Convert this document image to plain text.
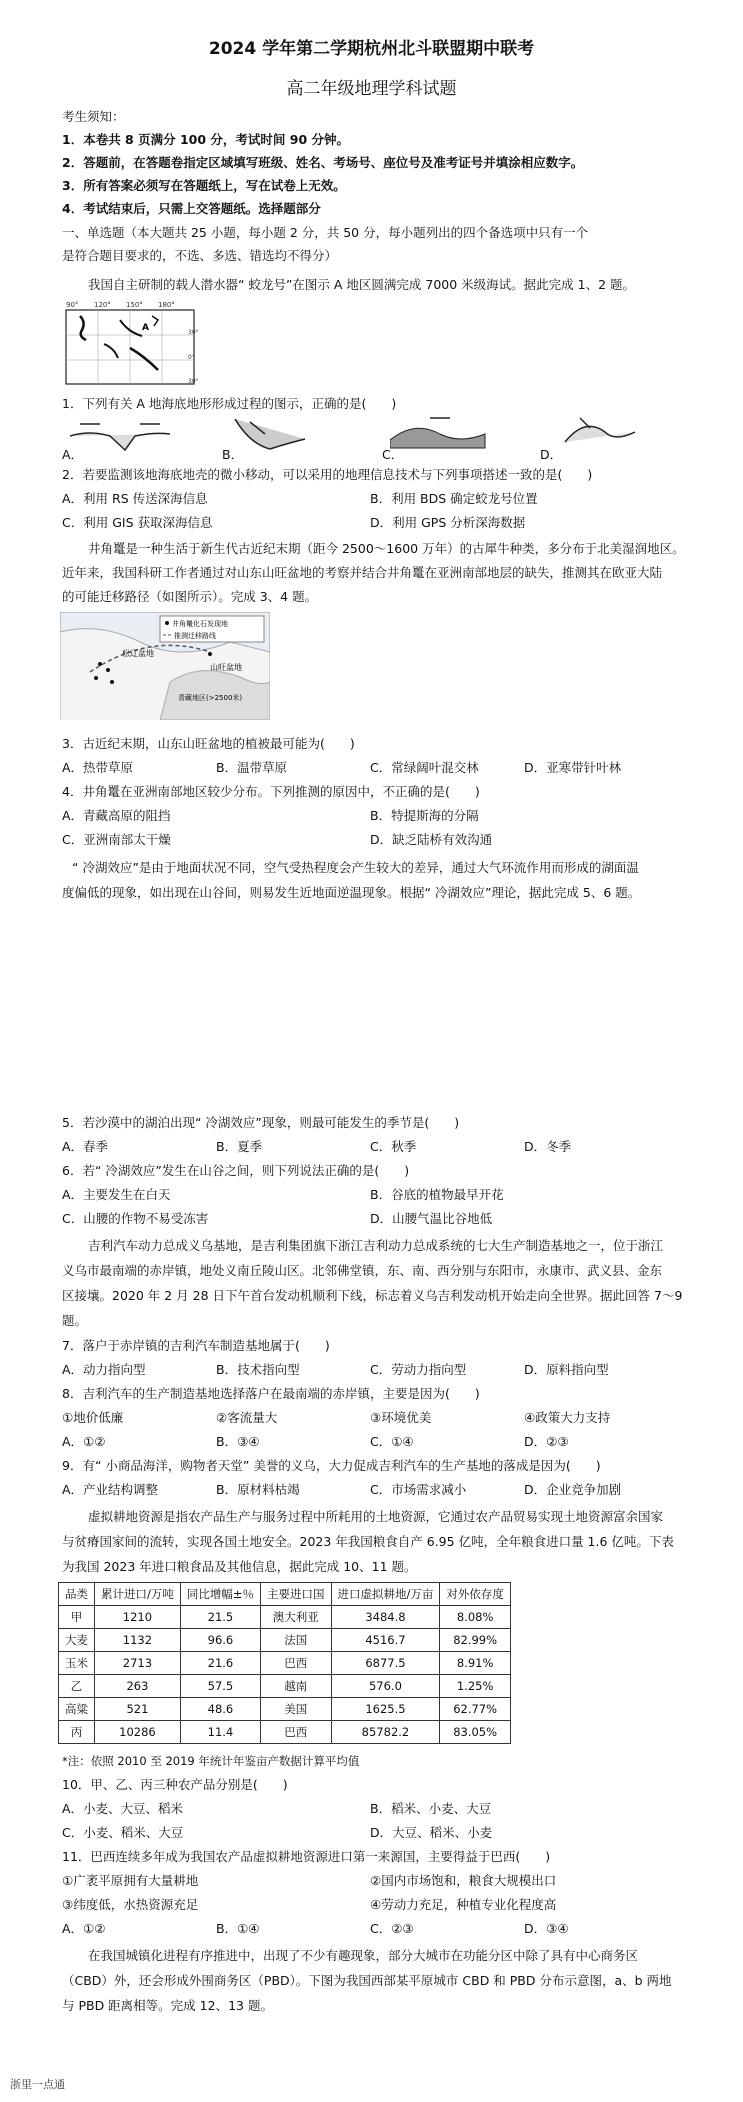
2024 学年第二学期杭州北斗联盟期中联考
高二年级地理学科试题
考生须知：
1．本卷共 8 页满分 100 分，考试时间 90 分钟。
2．答题前，在答题卷指定区域填写班级、姓名、考场号、座位号及准考证号并填涂相应数字。
3．所有答案必须写在答题纸上，写在试卷上无效。
4．考试结束后，只需上交答题纸。选择题部分
一、单选题（本大题共 25 小题，每小题 2 分，共 50 分，每小题列出的四个备选项中只有一个
是符合题目要求的，不选、多选、错选均不得分）
我国自主研制的载人潜水器“ 蛟龙号”在图示 A 地区圆满完成 7000 米级海试。据此完成 1、2 题。
90° 120° 150° 180°
30°
0°
30°
A
1．下列有关 A 地海底地形形成过程的图示，正确的是(　　)
A．	B．	C．	D．
2．若要监测该地海底地壳的微小移动，可以采用的地理信息技术与下列事项搭述一致的是(　　)
A．利用 RS 传送深海信息	B．利用 BDS 确定蛟龙号位置
C．利用 GIS 获取深海信息	D．利用 GPS 分析深海数据
井角鼍是一种生活于新生代古近纪末期（距今 2500～1600 万年）的古犀牛种类，多分布于北美湿润地区。
近年来，我国科研工作者通过对山东山旺盆地的考察并结合井角鼍在亚洲南部地层的缺失，推测其在欧亚大陆
的可能迁移路径（如图所示）。完成 3、4 题。
井角鼍化石发现地
推测迁移路线
松辽盆地
山旺盆地
青藏地区(>2500米)
3．古近纪末期，山东山旺盆地的植被最可能为(　　)
A．热带草原	B．温带草原	C．常绿阔叶混交林	D．亚寒带针叶林
4．井角鼍在亚洲南部地区较少分布。下列推测的原因中，不正确的是(　　)
A．青藏高原的阻挡	B．特提斯海的分隔
C．亚洲南部太干燥	D．缺乏陆桥有效沟通
“ 冷湖效应”是由于地面状况不同，空气受热程度会产生较大的差异，通过大气环流作用而形成的湖面温
度偏低的现象，如出现在山谷间，则易发生近地面逆温现象。根据“ 冷湖效应”理论，据此完成 5、6 题。
5．若沙漠中的湖泊出现“ 冷湖效应”现象，则最可能发生的季节是(　　)
A．春季	B．夏季	C．秋季	D．冬季
6．若“ 冷湖效应”发生在山谷之间，则下列说法正确的是(　　)
A．主要发生在白天	B．谷底的植物最早开花
C．山腰的作物不易受冻害	D．山腰气温比谷地低
吉利汽车动力总成义乌基地，是吉利集团旗下浙江吉利动力总成系统的七大生产制造基地之一，位于浙江
义乌市最南端的赤岸镇，地处义南丘陵山区。北邻佛堂镇，东、南、西分别与东阳市，永康市、武义县、金东
区接壤。2020 年 2 月 28 日下午首台发动机顺利下线，标志着义乌吉利发动机开始走向全世界。据此回答 7～9
题。
7．落户于赤岸镇的吉利汽车制造基地属于(　　)
A．动力指向型	B．技术指向型	C．劳动力指向型	D．原料指向型
8．吉利汽车的生产制造基地选择落户在最南端的赤岸镇，主要是因为(　　)
①地价低廉	②客流量大	③环境优美	④政策大力支持
A．①②	B．③④	C．①④	D．②③
9．有“ 小商品海洋，购物者天堂” 美誉的义乌，大力促成吉利汽车的生产基地的落成是因为(　　)
A．产业结构调整	B．原材料枯竭	C．市场需求减小	D．企业竞争加剧
虚拟耕地资源是指农产品生产与服务过程中所耗用的土地资源，它通过农产品贸易实现土地资源富余国家
与贫瘠国家间的流转，实现各国土地安全。2023 年我国粮食自产 6.95 亿吨，全年粮食进口量 1.6 亿吨。下表
为我国 2023 年进口粮食品及其他信息，据此完成 10、11 题。
品类	累计进口/万吨	同比增幅±％	主要进口国	进口虚拟耕地/万亩	对外依存度
甲	1210	21.5	澳大利亚	3484.8	8.08%
大麦	1132	96.6	法国	4516.7	82.99%
玉米	2713	21.6	巴西	6877.5	8.91%
乙	263	57.5	越南	576.0	1.25%
高粱	521	48.6	美国	1625.5	62.77%
丙	10286	11.4	巴西	85782.2	83.05%
*注：依照 2010 至 2019 年统计年鉴亩产数据计算平均值
10．甲、乙、丙三种农产品分别是(　　)
A．小麦、大豆、稻米	B．稻米、小麦、大豆
C．小麦、稻米、大豆	D．大豆、稻米、小麦
11．巴西连续多年成为我国农产品虚拟耕地资源进口第一来源国，主要得益于巴西(　　)
①广袤平原拥有大量耕地	②国内市场饱和，粮食大规模出口
③纬度低，水热资源充足	④劳动力充足，种植专业化程度高
A．①②	B．①④	C．②③	D．③④
在我国城镇化进程有序推进中，出现了不少有趣现象，部分大城市在功能分区中除了具有中心商务区
（CBD）外，还会形成外围商务区（PBD）。下图为我国西部某平原城市 CBD 和 PBD 分布示意图，a、b 两地
与 PBD 距离相等。完成 12、13 题。
浙里一点通
